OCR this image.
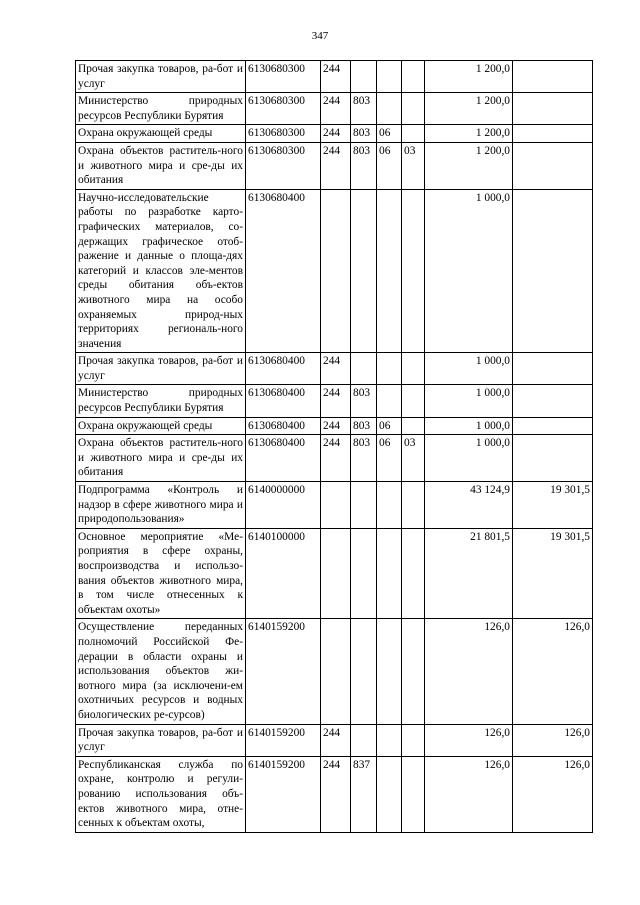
347
Прочая закупка товаров, ра-бот и услуг	6130680300	244				1 200,0	
Министерство природных ресурсов Республики Бурятия	6130680300	244	803			1 200,0	
Охрана окружающей среды	6130680300	244	803	06		1 200,0	
Охрана объектов раститель-ного и животного мира и сре-ды их обитания	6130680300	244	803	06	03	1 200,0	
Научно-исследовательские работы по разработке карто-графических материалов, со-держащих графическое отоб-ражение и данные о площа-дях категорий и классов эле-ментов среды обитания объ-ектов животного мира на особо охраняемых природ-ных территориях региональ-ного значения	6130680400					1 000,0	
Прочая закупка товаров, ра-бот и услуг	6130680400	244				1 000,0	
Министерство природных ресурсов Республики Бурятия	6130680400	244	803			1 000,0	
Охрана окружающей среды	6130680400	244	803	06		1 000,0	
Охрана объектов раститель-ного и животного мира и сре-ды их обитания	6130680400	244	803	06	03	1 000,0	
Подпрограмма «Контроль и надзор в сфере животного мира и природопользования»	6140000000					43 124,9	19 301,5
Основное мероприятие «Ме-роприятия в сфере охраны, воспроизводства и использо-вания объектов животного мира, в том числе отнесенных к объектам охоты»	6140100000					21 801,5	19 301,5
Осуществление переданных полномочий Российской Фе-дерации в области охраны и использования объектов жи-вотного мира (за исключени-ем охотничьих ресурсов и водных биологических ре-сурсов)	6140159200					126,0	126,0
Прочая закупка товаров, ра-бот и услуг	6140159200	244				126,0	126,0
Республиканская служба по охране, контролю и регули-рованию использования объ-ектов животного мира, отне-сенных к объектам охоты,	6140159200	244	837			126,0	126,0
